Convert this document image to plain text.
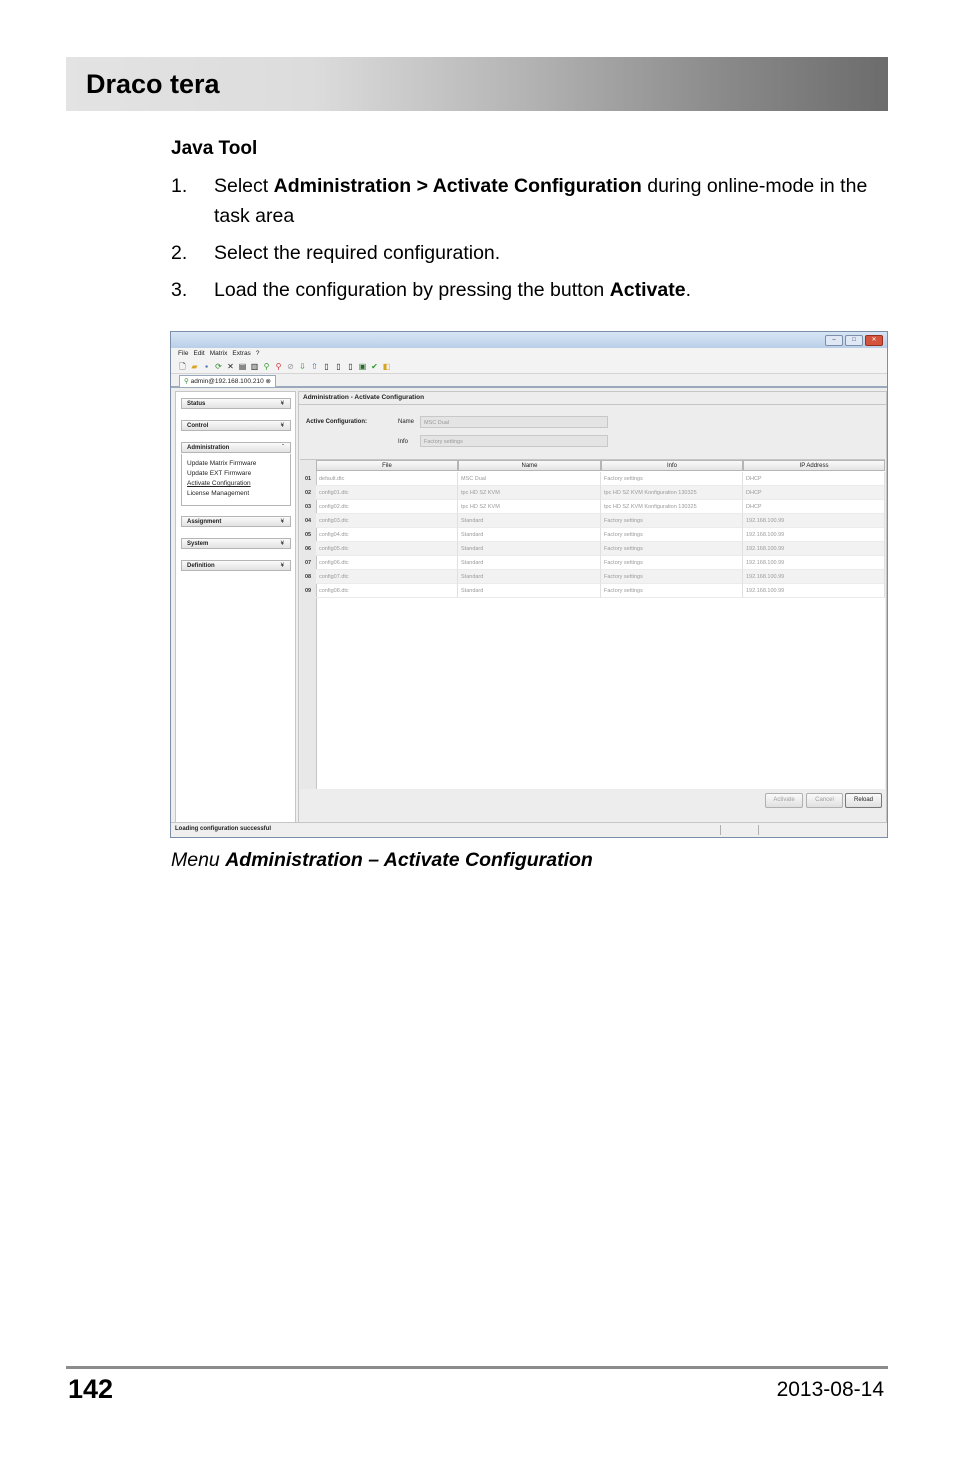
Draco tera
Java Tool
1. Select Administration > Activate Configuration during online-mode in the task area
2. Select the required configuration.
3. Load the configuration by pressing the button Activate.
–	□	✕
File Edit Matrix Extras ?
🗋 ▰ ▪ ⟳ ✕ ▤ ▥ ⚲ ⚲ ⊘ ⇩ ⇧ ▯ ▯ ▯ ▣ ✔ ◧
⚲ admin@192.168.100.210 ⊗
Status	¥
Control	¥
Administration	ˆ
Update Matrix Firmware
Update EXT Firmware
Activate Configuration
License Management
Assignment	¥
System	¥
Definition	¥
Administration - Activate Configuration
Active Configuration:	Name	MSC Dual
Info	Factory settings
File	Name	Info	IP Address
01	default.dtc	MSC Dual	Factory settings	DHCP
02	config01.dtc	tpc HD SZ KVM	tpc HD SZ KVM Konfiguration 130325	DHCP
03	config02.dtc	tpc HD SZ KVM	tpc HD SZ KVM Konfiguration 130325	DHCP
04	config03.dtc	Standard	Factory settings	192.168.100.99
05	config04.dtc	Standard	Factory settings	192.168.100.99
06	config05.dtc	Standard	Factory settings	192.168.100.99
07	config06.dtc	Standard	Factory settings	192.168.100.99
08	config07.dtc	Standard	Factory settings	192.168.100.99
09	config08.dtc	Standard	Factory settings	192.168.100.99
Activate	Cancel	Reload
Loading configuration successful
Menu Administration – Activate Configuration
142	2013-08-14
